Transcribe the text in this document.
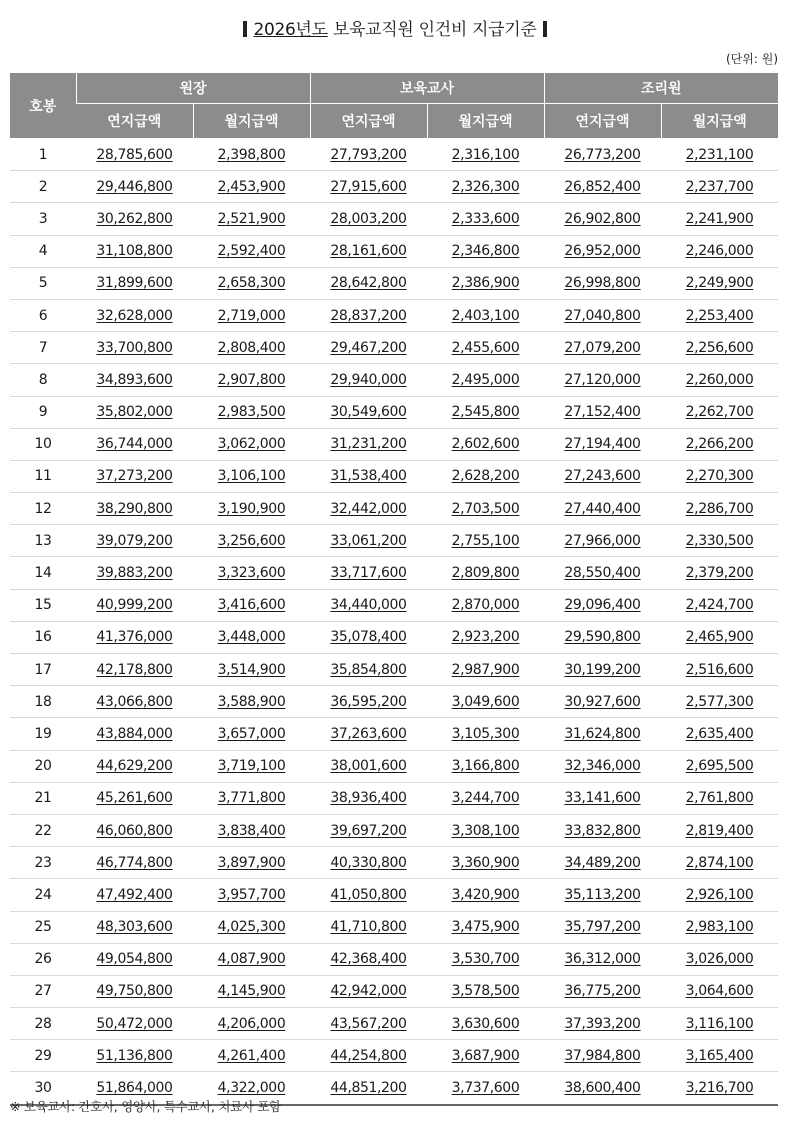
2026년도 보육교직원 인건비 지급기준
(단위: 원)
호봉	원장		보육교사		조리원	
	연지급액	월지급액	연지급액	월지급액	연지급액	월지급액
1	28,785,600	2,398,800	27,793,200	2,316,100	26,773,200	2,231,100
2	29,446,800	2,453,900	27,915,600	2,326,300	26,852,400	2,237,700
3	30,262,800	2,521,900	28,003,200	2,333,600	26,902,800	2,241,900
4	31,108,800	2,592,400	28,161,600	2,346,800	26,952,000	2,246,000
5	31,899,600	2,658,300	28,642,800	2,386,900	26,998,800	2,249,900
6	32,628,000	2,719,000	28,837,200	2,403,100	27,040,800	2,253,400
7	33,700,800	2,808,400	29,467,200	2,455,600	27,079,200	2,256,600
8	34,893,600	2,907,800	29,940,000	2,495,000	27,120,000	2,260,000
9	35,802,000	2,983,500	30,549,600	2,545,800	27,152,400	2,262,700
10	36,744,000	3,062,000	31,231,200	2,602,600	27,194,400	2,266,200
11	37,273,200	3,106,100	31,538,400	2,628,200	27,243,600	2,270,300
12	38,290,800	3,190,900	32,442,000	2,703,500	27,440,400	2,286,700
13	39,079,200	3,256,600	33,061,200	2,755,100	27,966,000	2,330,500
14	39,883,200	3,323,600	33,717,600	2,809,800	28,550,400	2,379,200
15	40,999,200	3,416,600	34,440,000	2,870,000	29,096,400	2,424,700
16	41,376,000	3,448,000	35,078,400	2,923,200	29,590,800	2,465,900
17	42,178,800	3,514,900	35,854,800	2,987,900	30,199,200	2,516,600
18	43,066,800	3,588,900	36,595,200	3,049,600	30,927,600	2,577,300
19	43,884,000	3,657,000	37,263,600	3,105,300	31,624,800	2,635,400
20	44,629,200	3,719,100	38,001,600	3,166,800	32,346,000	2,695,500
21	45,261,600	3,771,800	38,936,400	3,244,700	33,141,600	2,761,800
22	46,060,800	3,838,400	39,697,200	3,308,100	33,832,800	2,819,400
23	46,774,800	3,897,900	40,330,800	3,360,900	34,489,200	2,874,100
24	47,492,400	3,957,700	41,050,800	3,420,900	35,113,200	2,926,100
25	48,303,600	4,025,300	41,710,800	3,475,900	35,797,200	2,983,100
26	49,054,800	4,087,900	42,368,400	3,530,700	36,312,000	3,026,000
27	49,750,800	4,145,900	42,942,000	3,578,500	36,775,200	3,064,600
28	50,472,000	4,206,000	43,567,200	3,630,600	37,393,200	3,116,100
29	51,136,800	4,261,400	44,254,800	3,687,900	37,984,800	3,165,400
30	51,864,000	4,322,000	44,851,200	3,737,600	38,600,400	3,216,700
※ 보육교사: 간호사, 영양사, 특수교사, 치료사 포함
